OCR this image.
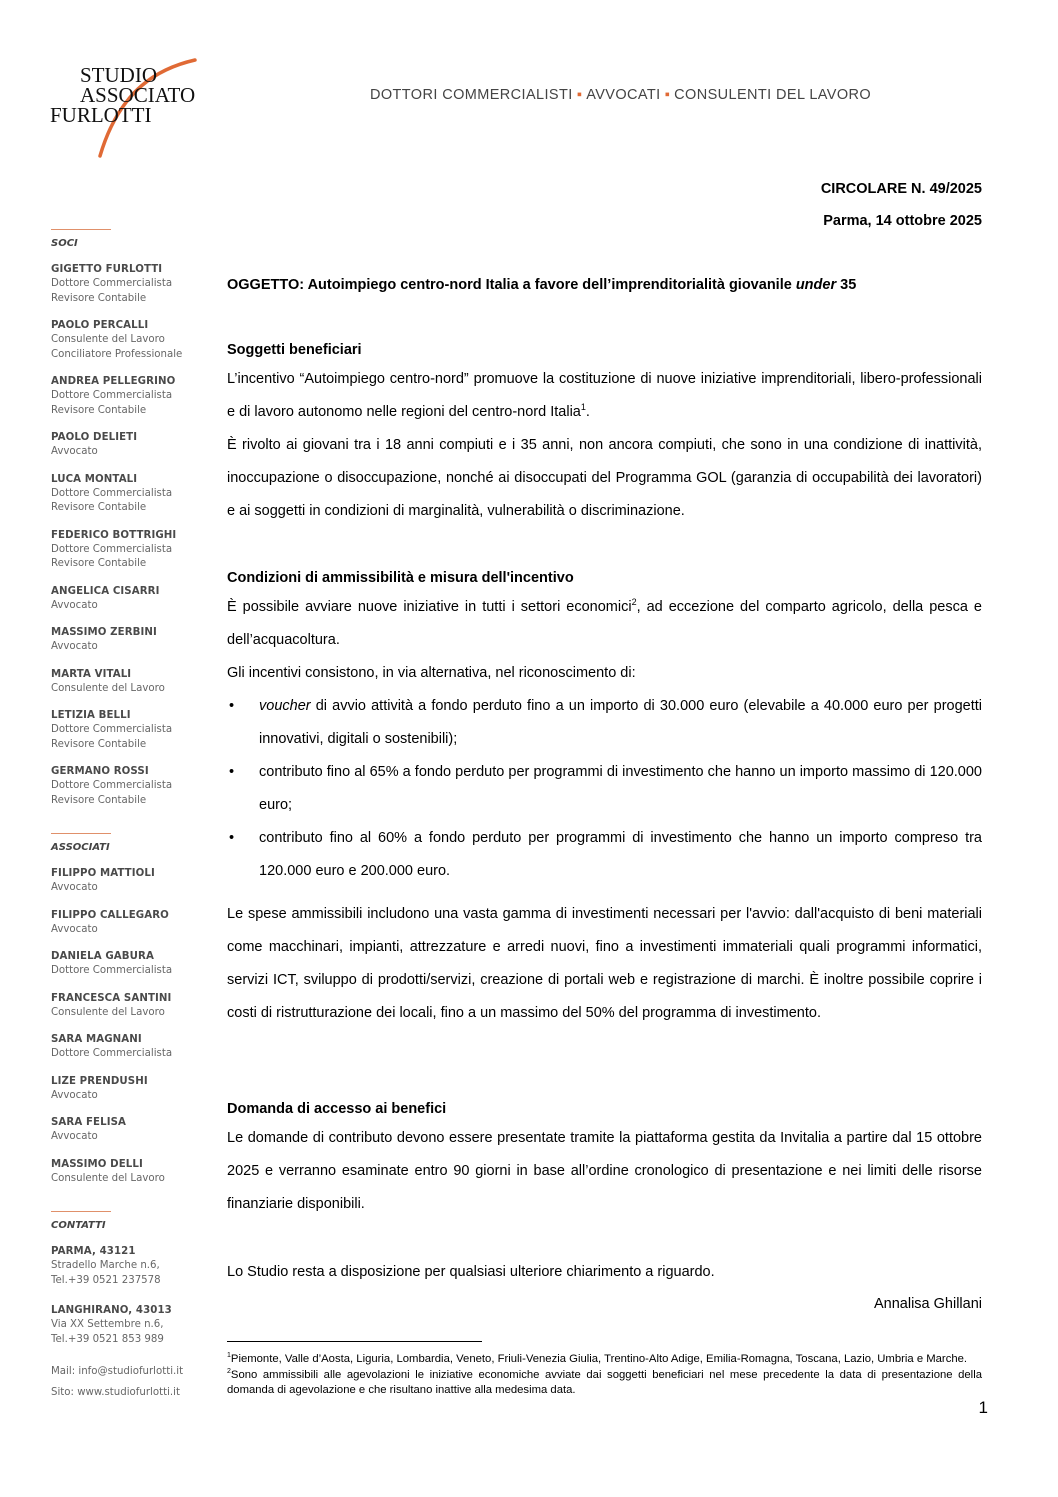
STUDIO
ASSOCIATO
FURLOTTI
DOTTORI COMMERCIALISTI ▪ AVVOCATI ▪ CONSULENTI DEL LAVORO
SOCI
GIGETTO FURLOTTI
Dottore Commercialista
Revisore Contabile
PAOLO PERCALLI
Consulente del Lavoro
Conciliatore Professionale
ANDREA PELLEGRINO
Dottore Commercialista
Revisore Contabile
PAOLO DELIETI
Avvocato
LUCA MONTALI
Dottore Commercialista
Revisore Contabile
FEDERICO BOTTRIGHI
Dottore Commercialista
Revisore Contabile
ANGELICA CISARRI
Avvocato
MASSIMO ZERBINI
Avvocato
MARTA VITALI
Consulente del Lavoro
LETIZIA BELLI
Dottore Commercialista
Revisore Contabile
GERMANO ROSSI
Dottore Commercialista
Revisore Contabile
ASSOCIATI
FILIPPO MATTIOLI
Avvocato
FILIPPO CALLEGARO
Avvocato
DANIELA GABURA
Dottore Commercialista
FRANCESCA SANTINI
Consulente del Lavoro
SARA MAGNANI
Dottore Commercialista
LIZE PRENDUSHI
Avvocato
SARA FELISA
Avvocato
MASSIMO DELLI
Consulente del Lavoro
CONTATTI
PARMA, 43121
Stradello Marche n.6,
Tel.+39 0521 237578
LANGHIRANO, 43013
Via XX Settembre n.6,
Tel.+39 0521 853 989
Mail: info@studiofurlotti.it
Sito: www.studiofurlotti.it
CIRCOLARE N. 49/2025
Parma, 14 ottobre 2025
OGGETTO: Autoimpiego centro-nord Italia a favore dell’imprenditorialità giovanile under 35
Soggetti beneficiari
L’incentivo “Autoimpiego centro-nord” promuove la costituzione di nuove iniziative imprenditoriali, libero-professionali e di lavoro autonomo nelle regioni del centro-nord Italia$^1$.
È rivolto ai giovani tra i 18 anni compiuti e i 35 anni, non ancora compiuti, che sono in una condizione di inattività, inoccupazione o disoccupazione, nonché ai disoccupati del Programma GOL (garanzia di occupabilità dei lavoratori) e ai soggetti in condizioni di marginalità, vulnerabilità o discriminazione.
Condizioni di ammissibilità e misura dell'incentivo
È possibile avviare nuove iniziative in tutti i settori economici$^2$, ad eccezione del comparto agricolo, della pesca e dell’acquacoltura.
Gli incentivi consistono, in via alternativa, nel riconoscimento di:
• voucher di avvio attività a fondo perduto fino a un importo di 30.000 euro (elevabile a 40.000 euro per progetti innovativi, digitali o sostenibili);
• contributo fino al 65% a fondo perduto per programmi di investimento che hanno un importo massimo di 120.000 euro;
• contributo fino al 60% a fondo perduto per programmi di investimento che hanno un importo compreso tra 120.000 euro e 200.000 euro.
Le spese ammissibili includono una vasta gamma di investimenti necessari per l'avvio: dall'acquisto di beni materiali come macchinari, impianti, attrezzature e arredi nuovi, fino a investimenti immateriali quali programmi informatici, servizi ICT, sviluppo di prodotti/servizi, creazione di portali web e registrazione di marchi. È inoltre possibile coprire i costi di ristrutturazione dei locali, fino a un massimo del 50% del programma di investimento.
Domanda di accesso ai benefici
Le domande di contributo devono essere presentate tramite la piattaforma gestita da Invitalia a partire dal 15 ottobre 2025 e verranno esaminate entro 90 giorni in base all’ordine cronologico di presentazione e nei limiti delle risorse finanziarie disponibili.
Lo Studio resta a disposizione per qualsiasi ulteriore chiarimento a riguardo.
Annalisa Ghillani
$^1$Piemonte, Valle d’Aosta, Liguria, Lombardia, Veneto, Friuli-Venezia Giulia, Trentino-Alto Adige, Emilia-Romagna, Toscana, Lazio, Umbria e Marche.
$^2$Sono ammissibili alle agevolazioni le iniziative economiche avviate dai soggetti beneficiari nel mese precedente la data di presentazione della domanda di agevolazione e che risultano inattive alla medesima data.
1
